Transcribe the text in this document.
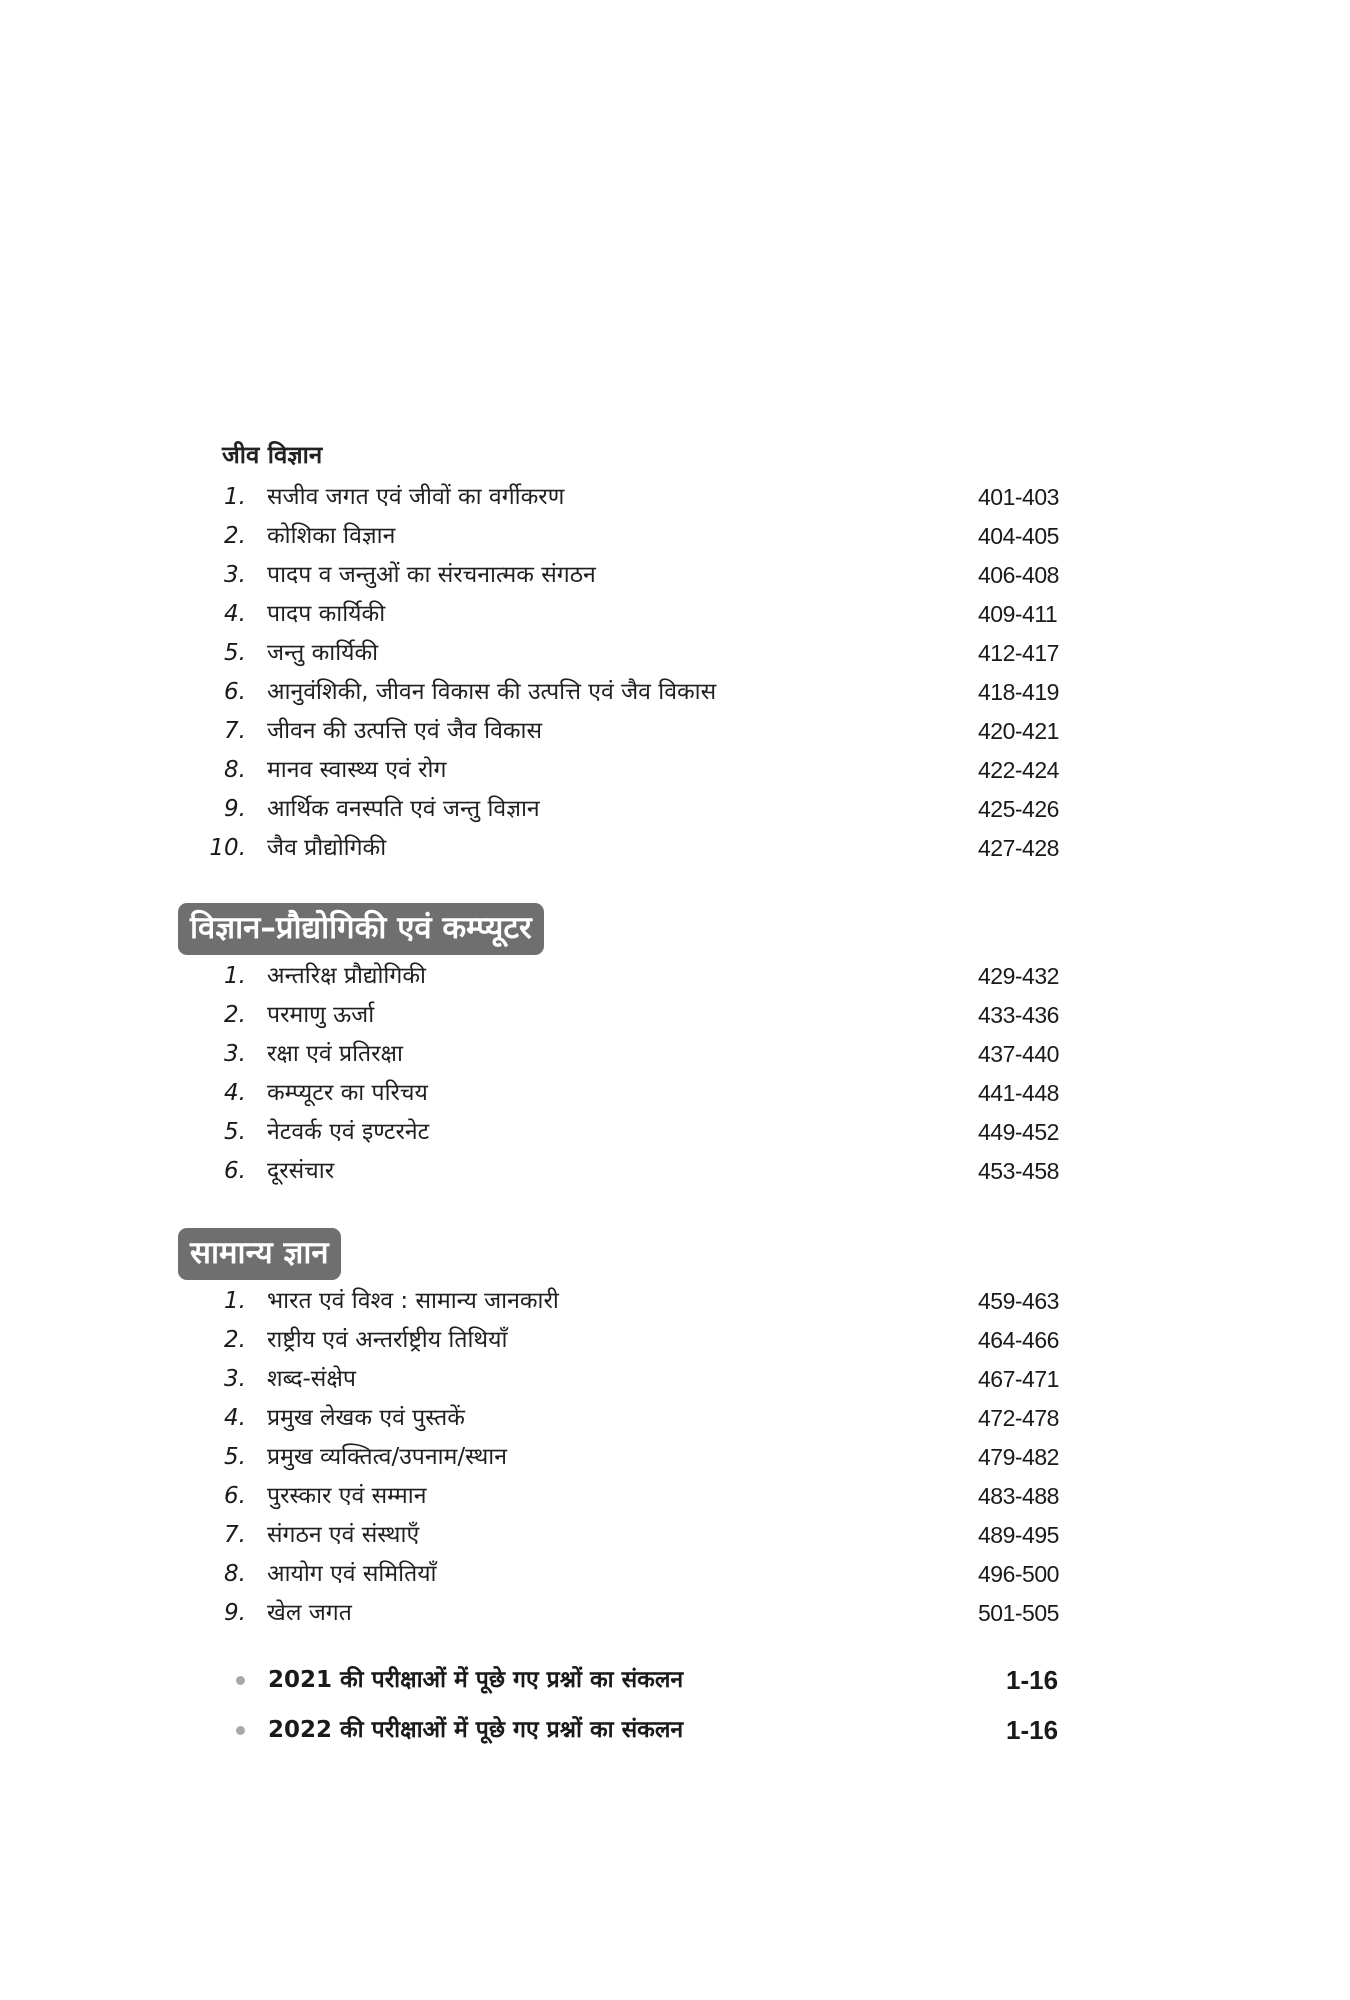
जीव विज्ञान
1. सजीव जगत एवं जीवों का वर्गीकरण	401-403
2. कोशिका विज्ञान	404-405
3. पादप व जन्तुओं का संरचनात्मक संगठन	406-408
4. पादप कार्यिकी	409-411
5. जन्तु कार्यिकी	412-417
6. आनुवंशिकी, जीवन विकास की उत्पत्ति एवं जैव विकास	418-419
7. जीवन की उत्पत्ति एवं जैव विकास	420-421
8. मानव स्वास्थ्य एवं रोग	422-424
9. आर्थिक वनस्पति एवं जन्तु विज्ञान	425-426
10. जैव प्रौद्योगिकी	427-428
विज्ञान–प्रौद्योगिकी एवं कम्प्यूटर
1. अन्तरिक्ष प्रौद्योगिकी	429-432
2. परमाणु ऊर्जा	433-436
3. रक्षा एवं प्रतिरक्षा	437-440
4. कम्प्यूटर का परिचय	441-448
5. नेटवर्क एवं इण्टरनेट	449-452
6. दूरसंचार	453-458
सामान्य ज्ञान
1. भारत एवं विश्व : सामान्य जानकारी	459-463
2. राष्ट्रीय एवं अन्तर्राष्ट्रीय तिथियाँ	464-466
3. शब्द-संक्षेप	467-471
4. प्रमुख लेखक एवं पुस्तकें	472-478
5. प्रमुख व्यक्तित्व/उपनाम/स्थान	479-482
6. पुरस्कार एवं सम्मान	483-488
7. संगठन एवं संस्थाएँ	489-495
8. आयोग एवं समितियाँ	496-500
9. खेल जगत	501-505
2021 की परीक्षाओं में पूछे गए प्रश्नों का संकलन	1-16
2022 की परीक्षाओं में पूछे गए प्रश्नों का संकलन	1-16
